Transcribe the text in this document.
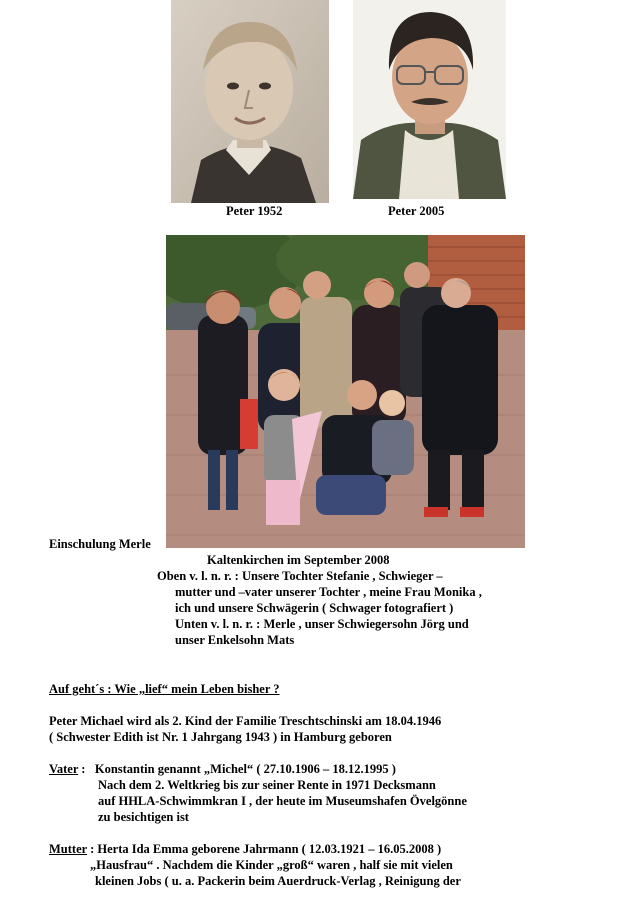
Peter 1952	Peter 2005
Einschulung Merle
Kaltenkirchen im September 2008
Oben v. l. n. r. : Unsere Tochter Stefanie , Schwieger –
mutter und –vater unserer Tochter , meine Frau Monika ,
ich und unsere Schwägerin ( Schwager fotografiert )
Unten v. l. n. r. : Merle , unser Schwiegersohn Jörg und
unser Enkelsohn Mats
Auf geht´s : Wie „lief“ mein Leben bisher ?
Peter Michael wird als 2. Kind der Familie Treschtschinski am 18.04.1946
( Schwester Edith ist Nr. 1 Jahrgang 1943 ) in Hamburg geboren
Vater :   Konstantin genannt „Michel“ ( 27.10.1906 – 18.12.1995 )
Nach dem 2. Weltkrieg bis zur seiner Rente in 1971 Decksmann
auf HHLA-Schwimmkran I , der heute im Museumshafen Övelgönne
zu besichtigen ist
Mutter : Herta Ida Emma geborene Jahrmann ( 12.03.1921 – 16.05.2008 )
„Hausfrau“ . Nachdem die Kinder „groß“ waren , half sie mit vielen
kleinen Jobs ( u. a. Packerin beim Auerdruck-Verlag , Reinigung der
